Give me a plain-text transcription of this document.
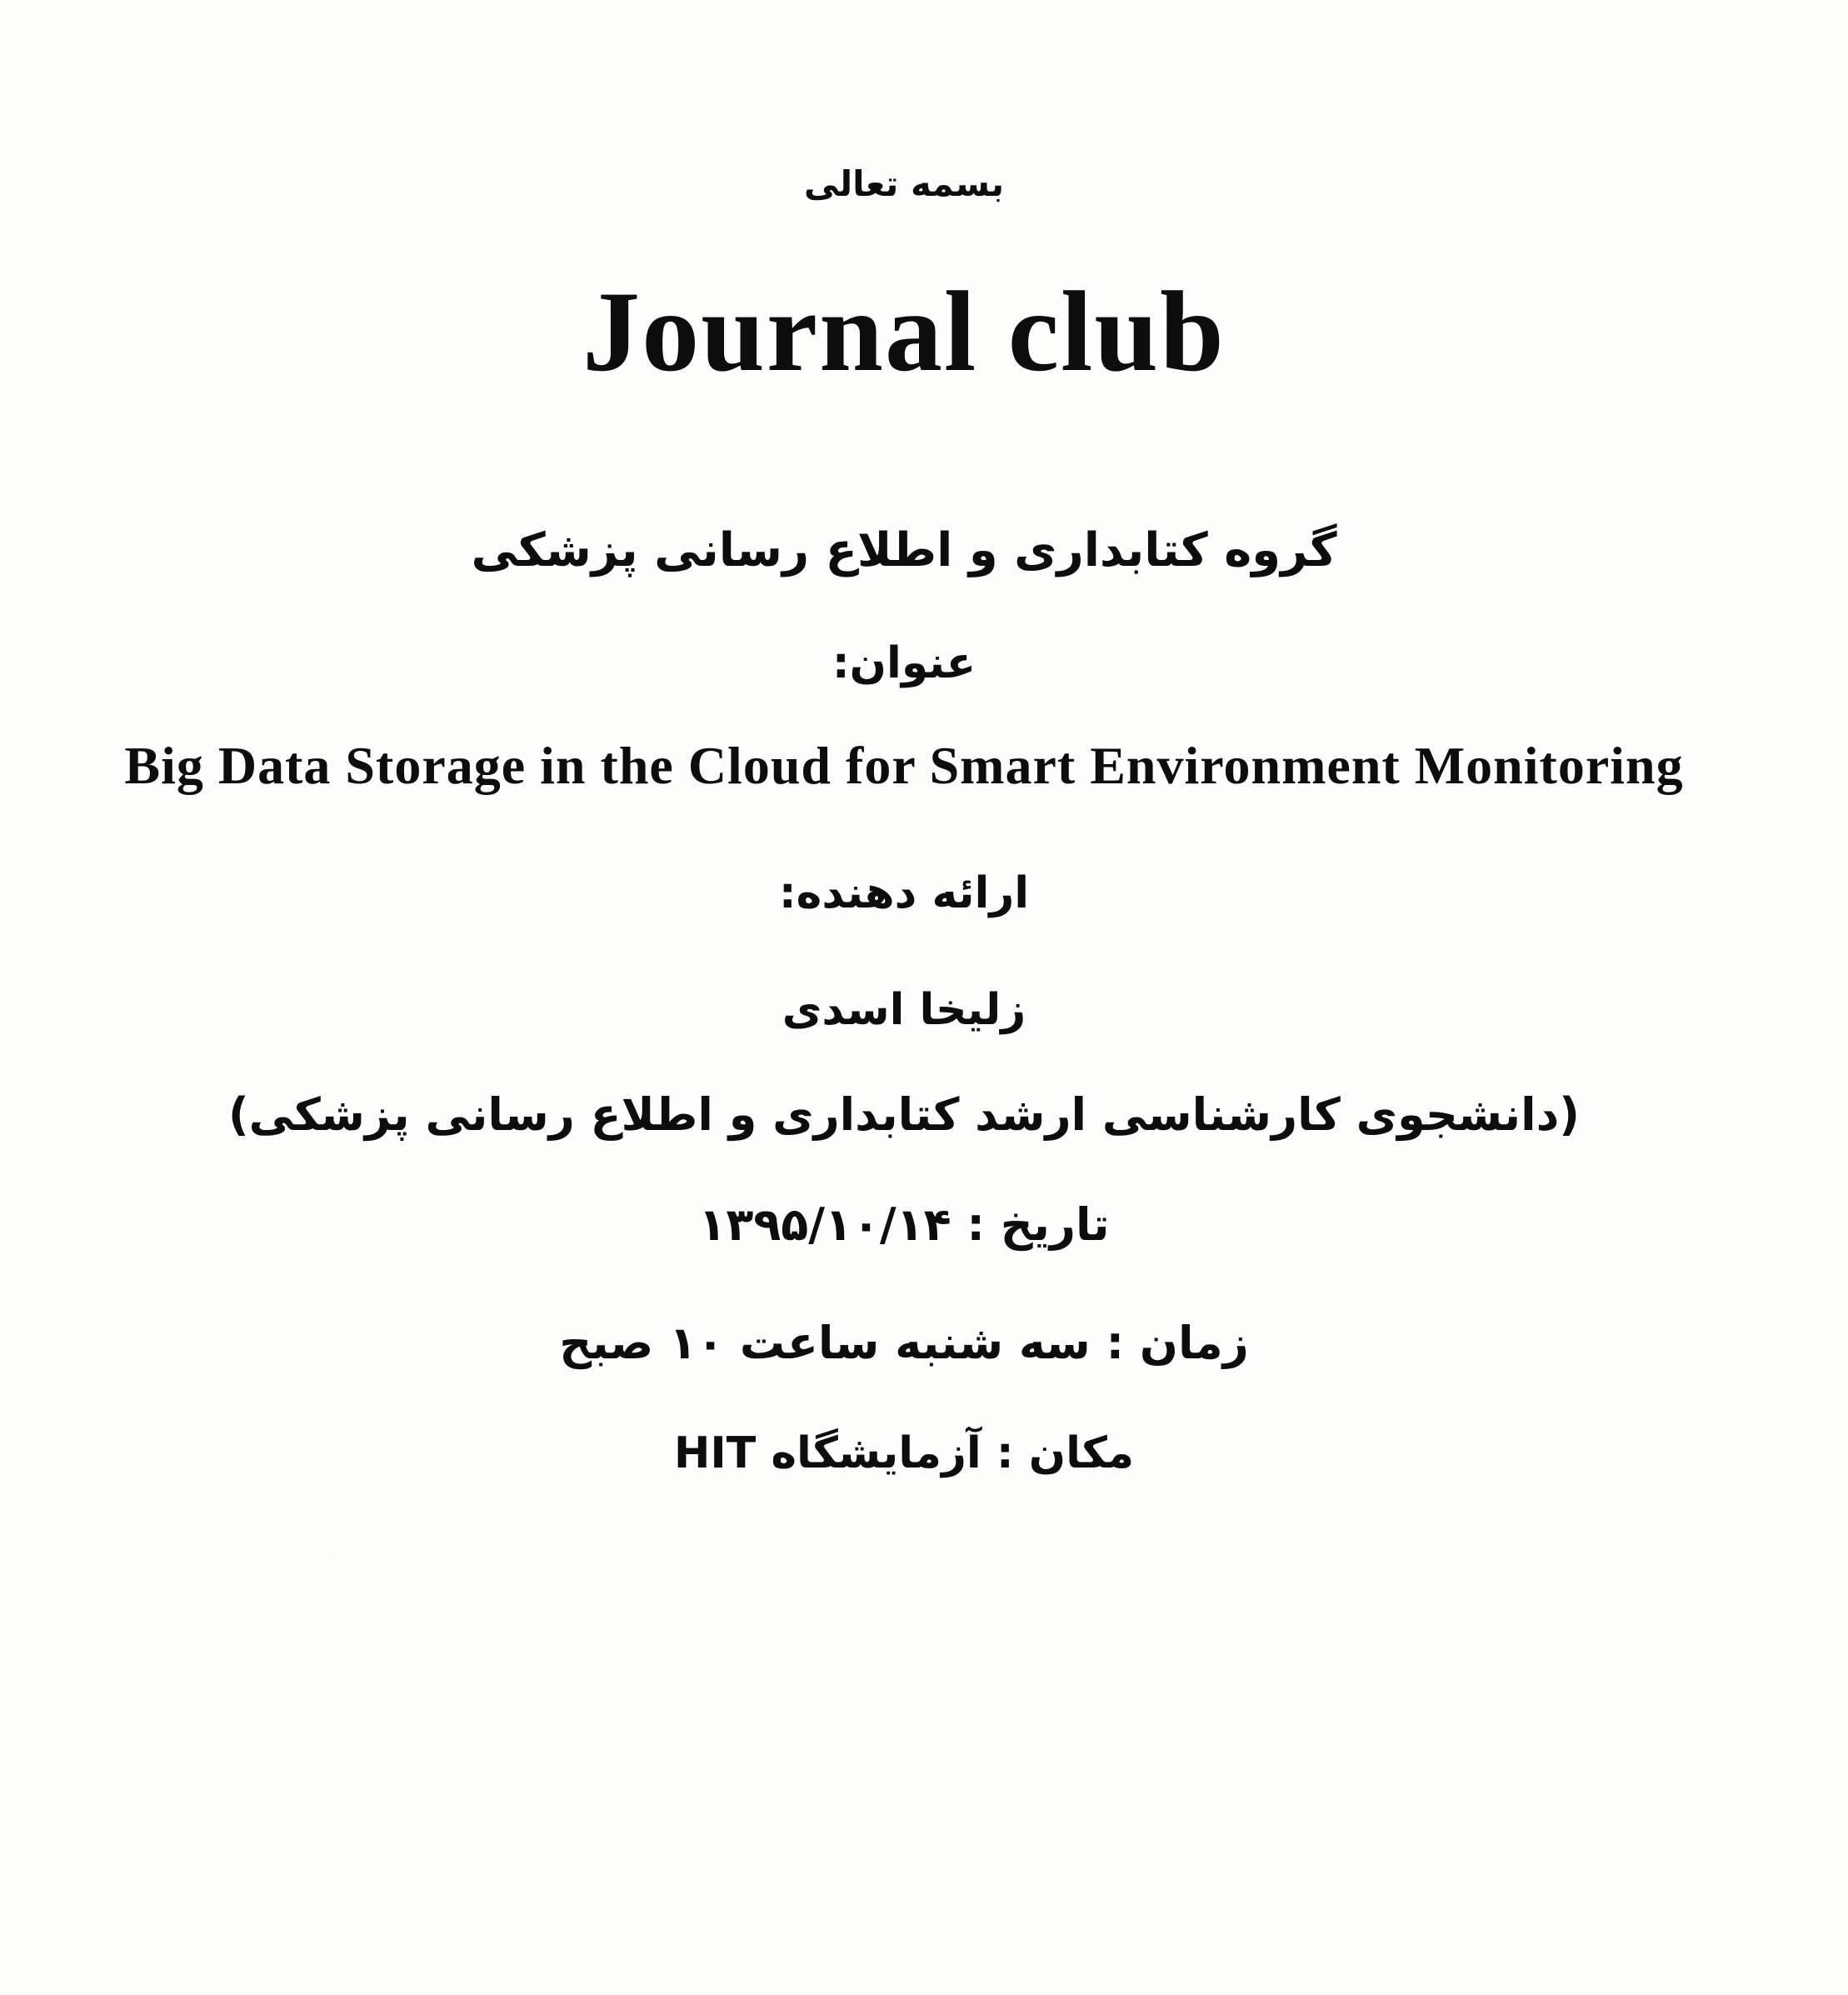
بسمه تعالی
Journal club
گروه کتابداری و اطلاع رسانی پزشکی
عنوان:
Big Data Storage in the Cloud for Smart Environment Monitoring
ارائه دهنده:
زلیخا اسدی
(دانشجوی کارشناسی ارشد کتابداری و اطلاع رسانی پزشکی)
تاریخ : ۱۳۹۵/۱۰/۱۴
زمان : سه شنبه ساعت ۱۰ صبح
مکان : آزمایشگاه HIT
